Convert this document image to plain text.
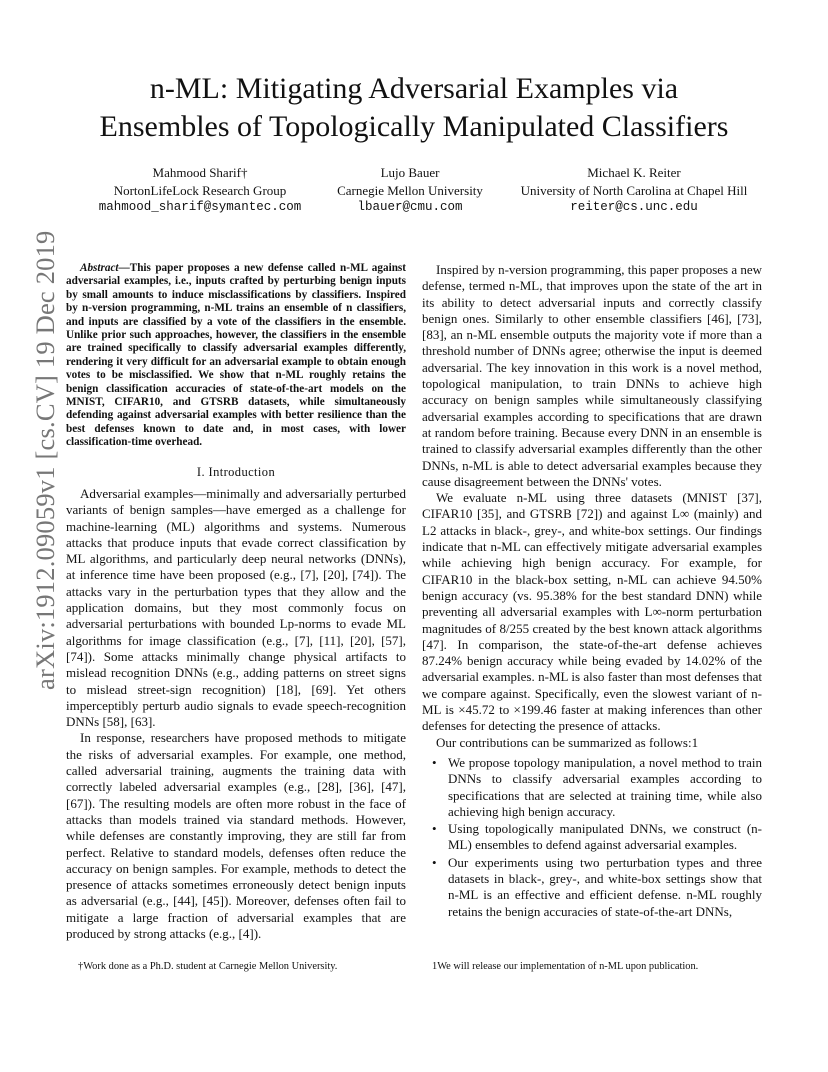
arXiv:1912.09059v1 [cs.CV] 19 Dec 2019
n-ML: Mitigating Adversarial Examples via
Ensembles of Topologically Manipulated Classifiers
Mahmood Sharif†
NortonLifeLock Research Group
mahmood_sharif@symantec.com
Lujo Bauer
Carnegie Mellon University
lbauer@cmu.com
Michael K. Reiter
University of North Carolina at Chapel Hill
reiter@cs.unc.edu
Abstract—This paper proposes a new defense called n-ML against adversarial examples, i.e., inputs crafted by perturbing benign inputs by small amounts to induce misclassifications by classifiers. Inspired by n-version programming, n-ML trains an ensemble of n classifiers, and inputs are classified by a vote of the classifiers in the ensemble. Unlike prior such approaches, however, the classifiers in the ensemble are trained specifically to classify adversarial examples differently, rendering it very difficult for an adversarial example to obtain enough votes to be misclassified. We show that n-ML roughly retains the benign classification accuracies of state-of-the-art models on the MNIST, CIFAR10, and GTSRB datasets, while simultaneously defending against adversarial examples with better resilience than the best defenses known to date and, in most cases, with lower classification-time overhead.
I. Introduction

Adversarial examples—minimally and adversarially perturbed variants of benign samples—have emerged as a challenge for machine-learning (ML) algorithms and systems. Numerous attacks that produce inputs that evade correct classification by ML algorithms, and particularly deep neural networks (DNNs), at inference time have been proposed (e.g., [7], [20], [74]). The attacks vary in the perturbation types that they allow and the application domains, but they most commonly focus on adversarial perturbations with bounded Lp-norms to evade ML algorithms for image classification (e.g., [7], [11], [20], [57], [74]). Some attacks minimally change physical artifacts to mislead recognition DNNs (e.g., adding patterns on street signs to mislead street-sign recognition) [18], [69]. Yet others imperceptibly perturb audio signals to evade speech-recognition DNNs [58], [63].

In response, researchers have proposed methods to mitigate the risks of adversarial examples. For example, one method, called adversarial training, augments the training data with correctly labeled adversarial examples (e.g., [28], [36], [47], [67]). The resulting models are often more robust in the face of attacks than models trained via standard methods. However, while defenses are constantly improving, they are still far from perfect. Relative to standard models, defenses often reduce the accuracy on benign samples. For example, methods to detect the presence of attacks sometimes erroneously detect benign inputs as adversarial (e.g., [44], [45]). Moreover, defenses often fail to mitigate a large fraction of adversarial examples that are produced by strong attacks (e.g., [4]).

Inspired by n-version programming, this paper proposes a new defense, termed n-ML, that improves upon the state of the art in its ability to detect adversarial inputs and correctly classify benign ones. Similarly to other ensemble classifiers [46], [73], [83], an n-ML ensemble outputs the majority vote if more than a threshold number of DNNs agree; otherwise the input is deemed adversarial. The key innovation in this work is a novel method, topological manipulation, to train DNNs to achieve high accuracy on benign samples while simultaneously classifying adversarial examples according to specifications that are drawn at random before training. Because every DNN in an ensemble is trained to classify adversarial examples differently than the other DNNs, n-ML is able to detect adversarial examples because they cause disagreement between the DNNs' votes.

We evaluate n-ML using three datasets (MNIST [37], CIFAR10 [35], and GTSRB [72]) and against L∞ (mainly) and L2 attacks in black-, grey-, and white-box settings. Our findings indicate that n-ML can effectively mitigate adversarial examples while achieving high benign accuracy. For example, for CIFAR10 in the black-box setting, n-ML can achieve 94.50% benign accuracy (vs. 95.38% for the best standard DNN) while preventing all adversarial examples with L∞-norm perturbation magnitudes of 8/255 created by the best known attack algorithms [47]. In comparison, the state-of-the-art defense achieves 87.24% benign accuracy while being evaded by 14.02% of the adversarial examples. n-ML is also faster than most defenses that we compare against. Specifically, even the slowest variant of n-ML is ×45.72 to ×199.46 faster at making inferences than other defenses for detecting the presence of attacks.

Our contributions can be summarized as follows:1

• We propose topology manipulation, a novel method to train DNNs to classify adversarial examples according to specifications that are selected at training time, while also achieving high benign accuracy.
• Using topologically manipulated DNNs, we construct (n-ML) ensembles to defend against adversarial examples.
• Our experiments using two perturbation types and three datasets in black-, grey-, and white-box settings show that n-ML is an effective and efficient defense. n-ML roughly retains the benign accuracies of state-of-the-art DNNs,
†Work done as a Ph.D. student at Carnegie Mellon University.	1We will release our implementation of n-ML upon publication.
